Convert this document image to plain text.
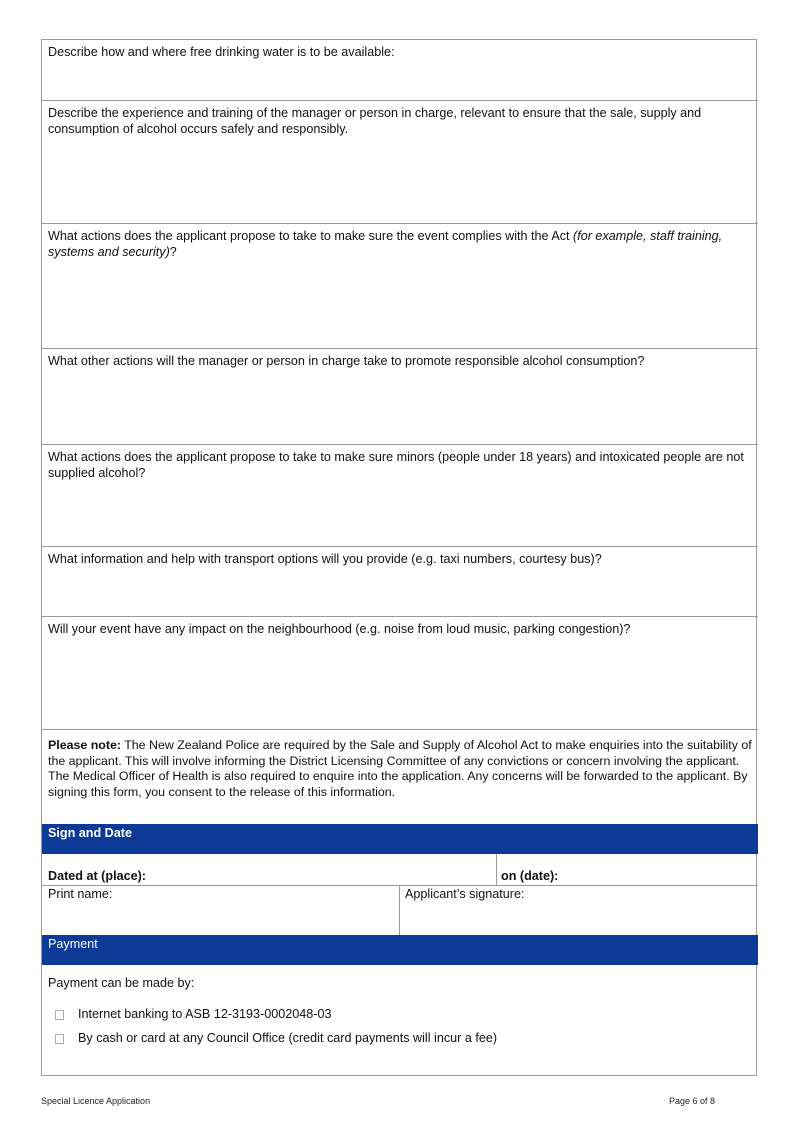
Describe how and where free drinking water is to be available:
Describe the experience and training of the manager or person in charge, relevant to ensure that the sale, supply and consumption of alcohol occurs safely and responsibly.
What actions does the applicant propose to take to make sure the event complies with the Act (for example, staff training, systems and security)?
What other actions will the manager or person in charge take to promote responsible alcohol consumption?
What actions does the applicant propose to take to make sure minors (people under 18 years) and intoxicated people are not supplied alcohol?
What information and help with transport options will you provide (e.g. taxi numbers, courtesy bus)?
Will your event have any impact on the neighbourhood (e.g. noise from loud music, parking congestion)?
Please note: The New Zealand Police are required by the Sale and Supply of Alcohol Act to make enquiries into the suitability of the applicant. This will involve informing the District Licensing Committee of any convictions or concern involving the applicant. The Medical Officer of Health is also required to enquire into the application. Any concerns will be forwarded to the applicant. By signing this form, you consent to the release of this information.
Sign and Date
Dated at (place):	on (date):
Print name:	Applicant’s signature:
Payment
Payment can be made by:
Internet banking to ASB 12-3193-0002048-03
By cash or card at any Council Office (credit card payments will incur a fee)
Special Licence Application	Page 6 of 8
